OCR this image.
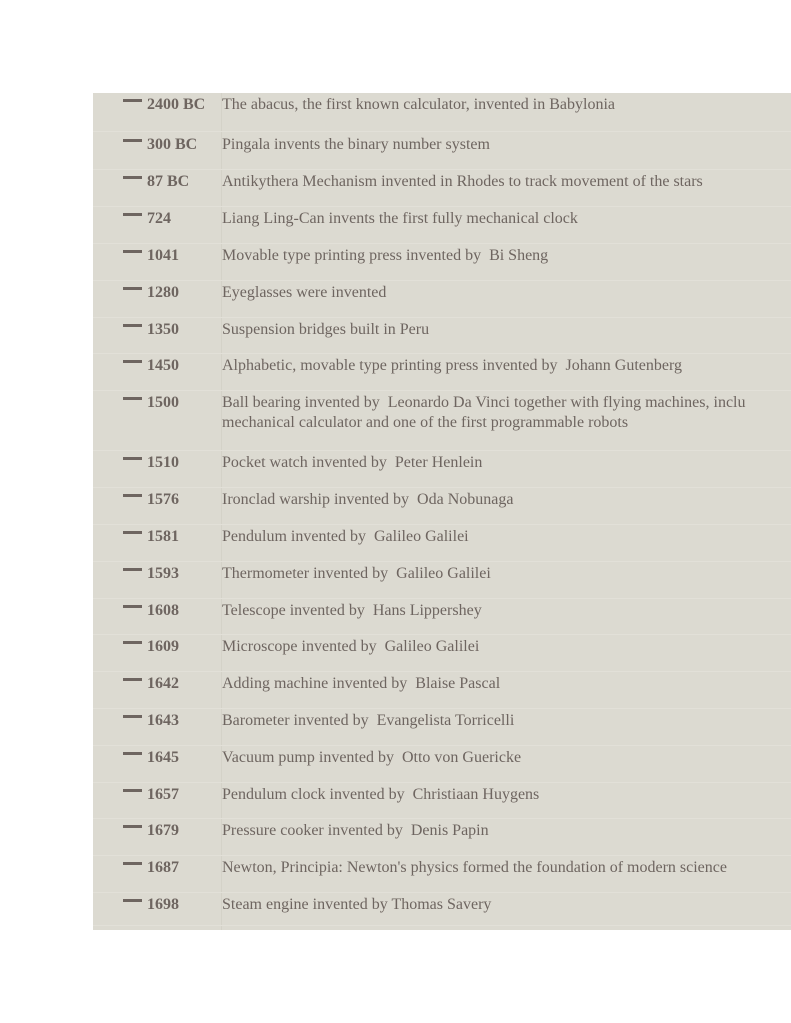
2400 BC The abacus, the first known calculator, invented in Babylonia
300 BC Pingala invents the binary number system
87 BC Antikythera Mechanism invented in Rhodes to track movement of the stars
724	Liang Ling-Can invents the first fully mechanical clock
1041	Movable type printing press invented by  Bi Sheng
1280	Eyeglasses were invented
1350	Suspension bridges built in Peru
1450	Alphabetic, movable type printing press invented by  Johann Gutenberg
1500	Ball bearing invented by  Leonardo Da Vinci together with flying machines, inclu
mechanical calculator and one of the first programmable robots
1510	Pocket watch invented by  Peter Henlein
1576	Ironclad warship invented by  Oda Nobunaga
1581	Pendulum invented by  Galileo Galilei
1593	Thermometer invented by  Galileo Galilei
1608	Telescope invented by  Hans Lippershey
1609	Microscope invented by  Galileo Galilei
1642	Adding machine invented by  Blaise Pascal
1643	Barometer invented by  Evangelista Torricelli
1645	Vacuum pump invented by  Otto von Guericke
1657	Pendulum clock invented by  Christiaan Huygens
1679	Pressure cooker invented by  Denis Papin
1687	Newton, Principia: Newton's physics formed the foundation of modern science
1698	Steam engine invented by Thomas Savery
